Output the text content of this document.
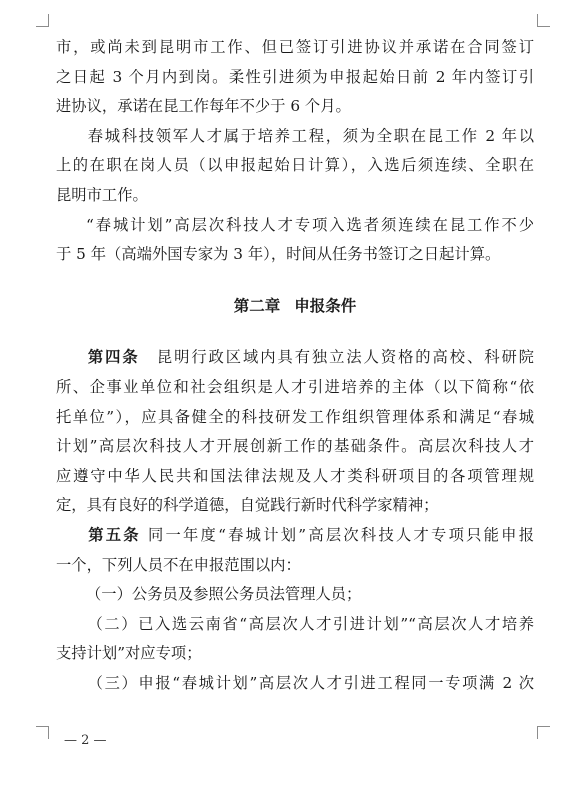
市，或尚未到昆明市工作、但已签订引进协议并承诺在合同签订
之日起 3 个月内到岗。柔性引进须为申报起始日前 2 年内签订引
进协议，承诺在昆工作每年不少于 6 个月。
春城科技领军人才属于培养工程，须为全职在昆工作 2 年以
上的在职在岗人员（以申报起始日计算），入选后须连续、全职在
昆明市工作。
“春城计划”高层次科技人才专项入选者须连续在昆工作不少
于 5 年（高端外国专家为 3 年），时间从任务书签订之日起计算。
第二章 申报条件
第四条　 昆明行政区域内具有独立法人资格的高校、科研院
所、企事业单位和社会组织是人才引进培养的主体（以下简称“依
托单位”），应具备健全的科技研发工作组织管理体系和满足“春城
计划”高层次科技人才开展创新工作的基础条件。高层次科技人才
应遵守中华人民共和国法律法规及人才类科研项目的各项管理规
定，具有良好的科学道德，自觉践行新时代科学家精神；
第五条 同一年度“春城计划”高层次科技人才专项只能申报
一个，下列人员不在申报范围以内：
（一）公务员及参照公务员法管理人员；
（二）已入选云南省“高层次人才引进计划”“高层次人才培养
支持计划”对应专项；
（三）申报“春城计划”高层次人才引进工程同一专项满 2 次
— 2 —
